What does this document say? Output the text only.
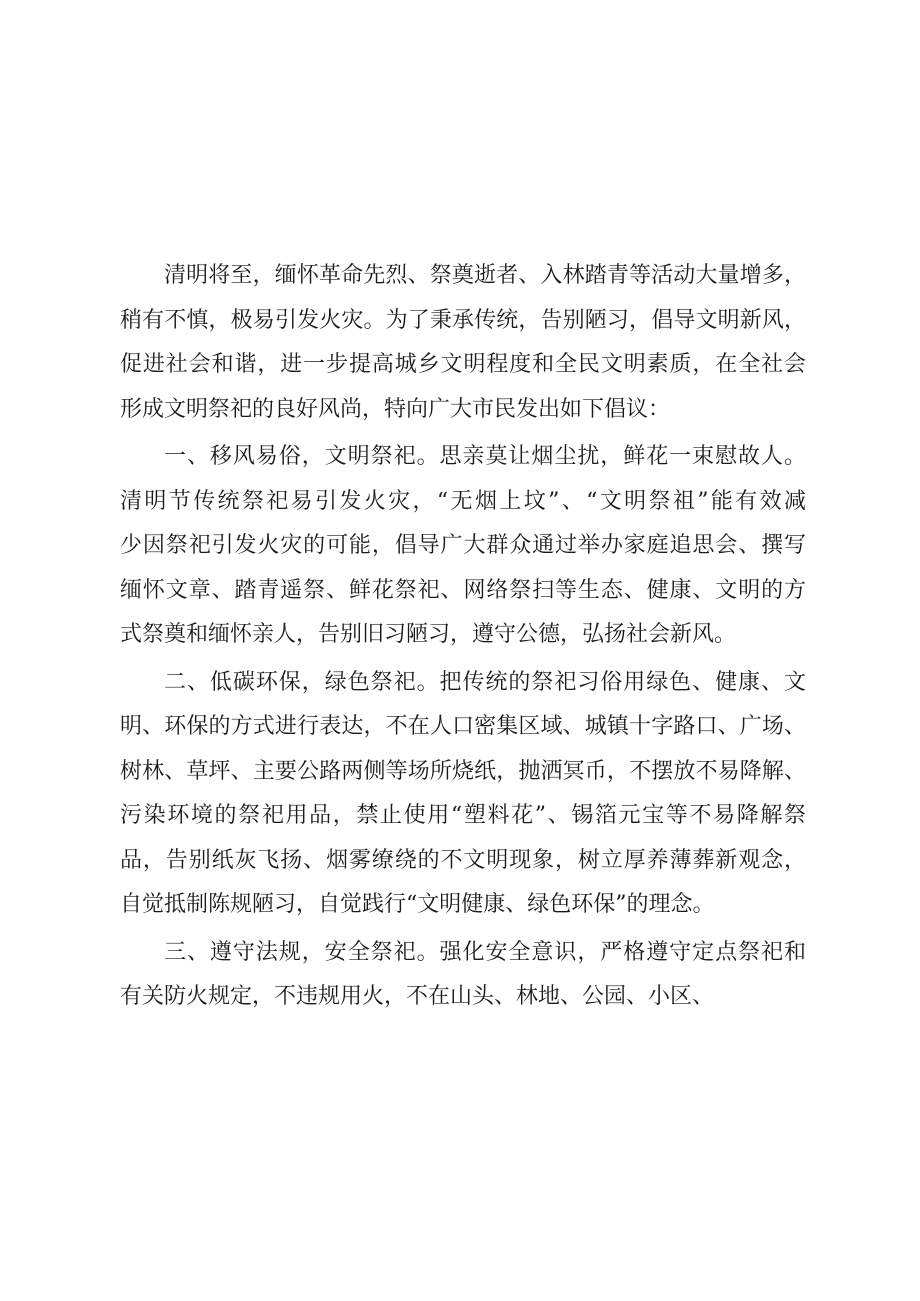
清明将至，缅怀革命先烈、祭奠逝者、入林踏青等活动大量增多，
稍有不慎，极易引发火灾。为了秉承传统，告别陋习，倡导文明新风，
促进社会和谐，进一步提高城乡文明程度和全民文明素质，在全社会
形成文明祭祀的良好风尚，特向广大市民发出如下倡议：
一、移风易俗，文明祭祀。思亲莫让烟尘扰，鲜花一束慰故人。
清明节传统祭祀易引发火灾，“无烟上坟”、“文明祭祖”能有效减
少因祭祀引发火灾的可能，倡导广大群众通过举办家庭追思会、撰写
缅怀文章、踏青遥祭、鲜花祭祀、网络祭扫等生态、健康、文明的方
式祭奠和缅怀亲人，告别旧习陋习，遵守公德，弘扬社会新风。
二、低碳环保，绿色祭祀。把传统的祭祀习俗用绿色、健康、文
明、环保的方式进行表达，不在人口密集区域、城镇十字路口、广场、
树林、草坪、主要公路两侧等场所烧纸，抛洒冥币，不摆放不易降解、
污染环境的祭祀用品，禁止使用“塑料花”、锡箔元宝等不易降解祭
品，告别纸灰飞扬、烟雾缭绕的不文明现象，树立厚养薄葬新观念，
自觉抵制陈规陋习，自觉践行“文明健康、绿色环保”的理念。
三、遵守法规，安全祭祀。强化安全意识，严格遵守定点祭祀和
有关防火规定，不违规用火，不在山头、林地、公园、小区、
